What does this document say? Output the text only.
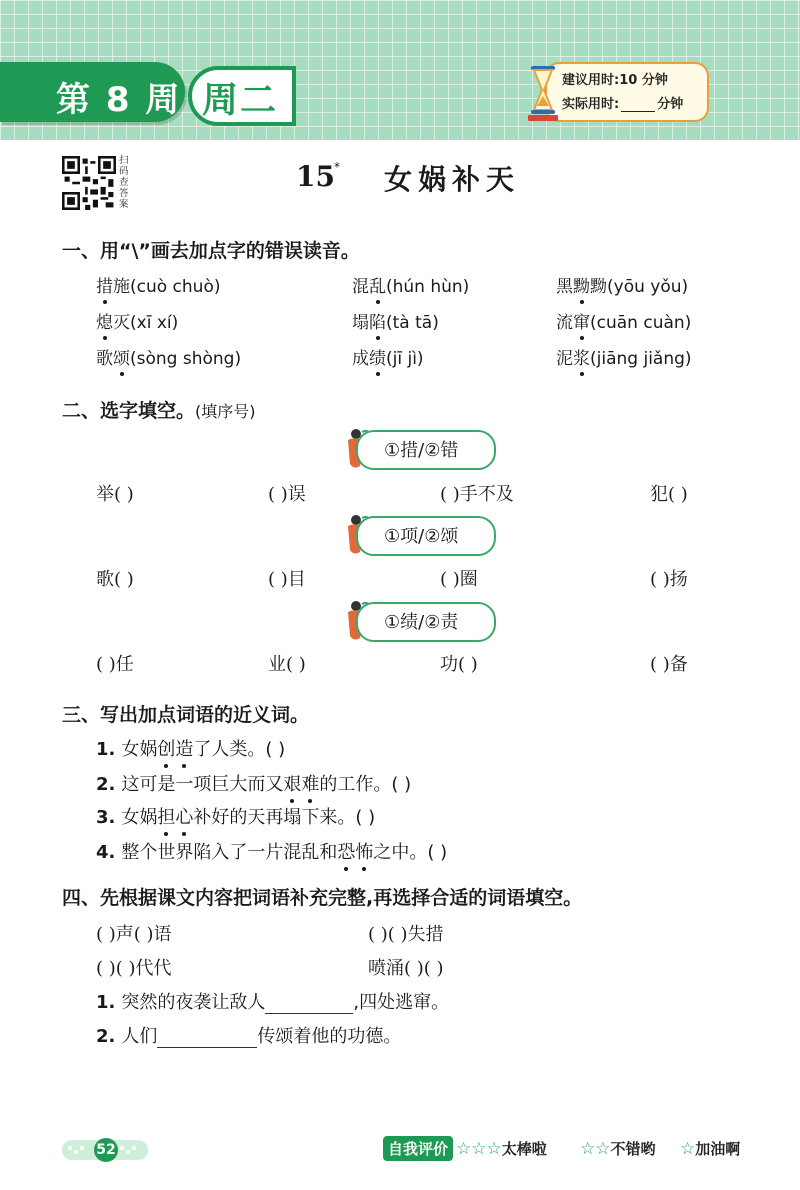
第 8 周 周二	建议用时:10 分钟
实际用时:	分钟
扫码查答案
15 * 女娲补天
一、用“\”画去加点字的错误读音。
措施(cuò chuò)	混乱(hún hùn)	黑黝黝(yōu yǒu)
熄灭(xī xí)	塌陷(tà tā)	流窜(cuān cuàn)
歌颂(sòng shòng)	成绩(jī jì)	泥浆(jiāng jiǎng)
二、选字填空。(填序号)
①措/②错
举( )	( )误	( )手不及	犯( )
①项/②颂
歌( )	( )目	( )圈	( )扬
①绩/②责
( )任	业( )	功( )	( )备
三、写出加点词语的近义词。
1. 女娲创造了人类。( )
2. 这可是一项巨大而又艰难的工作。( )
3. 女娲担心补好的天再塌下来。( )
4. 整个世界陷入了一片混乱和恐怖之中。( )
四、先根据课文内容把词语补充完整,再选择合适的词语填空。
( )声( )语	( )( )失措
( )( )代代	喷涌( )( )
1. 突然的夜袭让敌人	,四处逃窜。
2. 人们	传颂着他的功德。
52	自我评价 ☆☆☆太棒啦 ☆☆不错哟 ☆加油啊
